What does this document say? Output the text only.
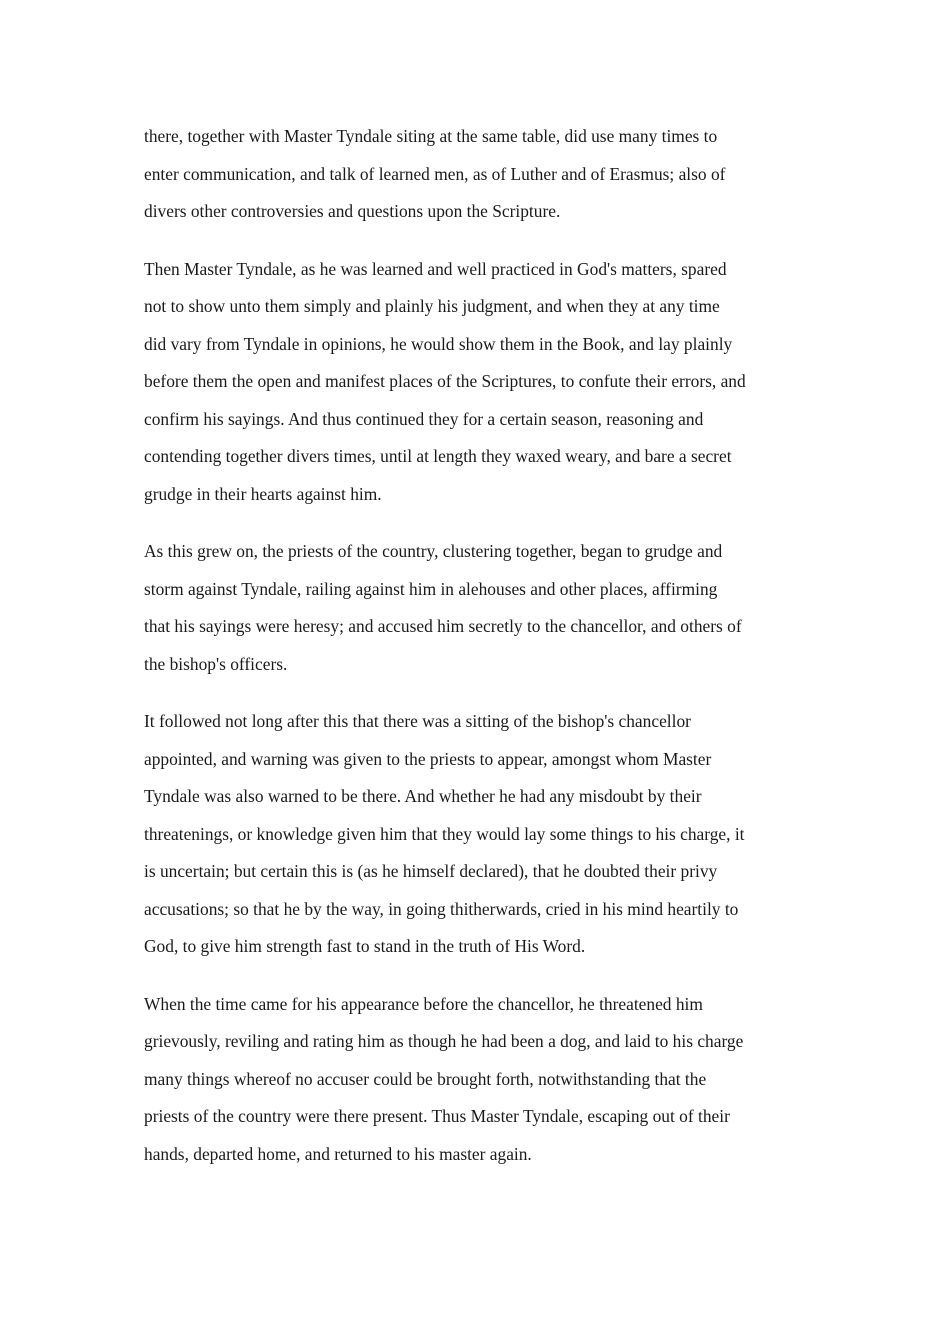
there, together with Master Tyndale siting at the same table, did use many times to
enter communication, and talk of learned men, as of Luther and of Erasmus; also of
divers other controversies and questions upon the Scripture.

Then Master Tyndale, as he was learned and well practiced in God's matters, spared
not to show unto them simply and plainly his judgment, and when they at any time
did vary from Tyndale in opinions, he would show them in the Book, and lay plainly
before them the open and manifest places of the Scriptures, to confute their errors, and
confirm his sayings. And thus continued they for a certain season, reasoning and
contending together divers times, until at length they waxed weary, and bare a secret
grudge in their hearts against him.

As this grew on, the priests of the country, clustering together, began to grudge and
storm against Tyndale, railing against him in alehouses and other places, affirming
that his sayings were heresy; and accused him secretly to the chancellor, and others of
the bishop's officers.

It followed not long after this that there was a sitting of the bishop's chancellor
appointed, and warning was given to the priests to appear, amongst whom Master
Tyndale was also warned to be there. And whether he had any misdoubt by their
threatenings, or knowledge given him that they would lay some things to his charge, it
is uncertain; but certain this is (as he himself declared), that he doubted their privy
accusations; so that he by the way, in going thitherwards, cried in his mind heartily to
God, to give him strength fast to stand in the truth of His Word.

When the time came for his appearance before the chancellor, he threatened him
grievously, reviling and rating him as though he had been a dog, and laid to his charge
many things whereof no accuser could be brought forth, notwithstanding that the
priests of the country were there present. Thus Master Tyndale, escaping out of their
hands, departed home, and returned to his master again.
